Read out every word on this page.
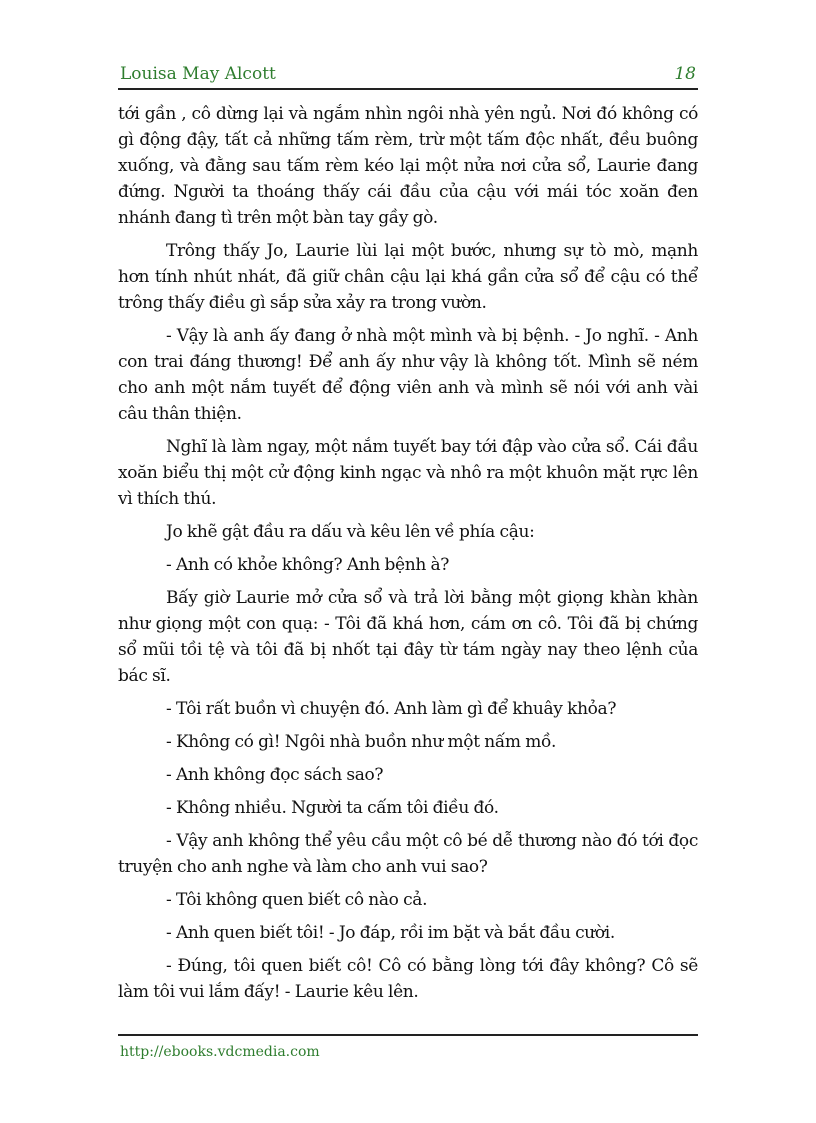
Louisa May Alcott	18

tới gần , cô dừng lại và ngắm nhìn ngôi nhà yên ngủ. Nơi đó không có gì động đậy, tất cả những tấm rèm, trừ một tấm độc nhất, đều buông xuống, và đằng sau tấm rèm kéo lại một nửa nơi cửa sổ, Laurie đang đứng. Người ta thoáng thấy cái đầu của cậu với mái tóc xoăn đen nhánh đang tì trên một bàn tay gầy gò.

Trông thấy Jo, Laurie lùi lại một bước, nhưng sự tò mò, mạnh hơn tính nhút nhát, đã giữ chân cậu lại khá gần cửa sổ để cậu có thể trông thấy điều gì sắp sửa xảy ra trong vườn.

- Vậy là anh ấy đang ở nhà một mình và bị bệnh. - Jo nghĩ. - Anh con trai đáng thương! Để anh ấy như vậy là không tốt. Mình sẽ ném cho anh một nắm tuyết để động viên anh và mình sẽ nói với anh vài câu thân thiện.

Nghĩ là làm ngay, một nắm tuyết bay tới đập vào cửa sổ. Cái đầu xoăn biểu thị một cử động kinh ngạc và nhô ra một khuôn mặt rực lên vì thích thú.

Jo khẽ gật đầu ra dấu và kêu lên về phía cậu:

- Anh có khỏe không? Anh bệnh à?

Bấy giờ Laurie mở cửa sổ và trả lời bằng một giọng khàn khàn như giọng một con quạ: - Tôi đã khá hơn, cám ơn cô. Tôi đã bị chứng sổ mũi tồi tệ và tôi đã bị nhốt tại đây từ tám ngày nay theo lệnh của bác sĩ.

- Tôi rất buồn vì chuyện đó. Anh làm gì để khuây khỏa?

- Không có gì! Ngôi nhà buồn như một nấm mồ.

- Anh không đọc sách sao?

- Không nhiều. Người ta cấm tôi điều đó.

- Vậy anh không thể yêu cầu một cô bé dễ thương nào đó tới đọc truyện cho anh nghe và làm cho anh vui sao?

- Tôi không quen biết cô nào cả.

- Anh quen biết tôi! - Jo đáp, rồi im bặt và bắt đầu cười.

- Đúng, tôi quen biết cô! Cô có bằng lòng tới đây không? Cô sẽ làm tôi vui lắm đấy! - Laurie kêu lên.

http://ebooks.vdcmedia.com
